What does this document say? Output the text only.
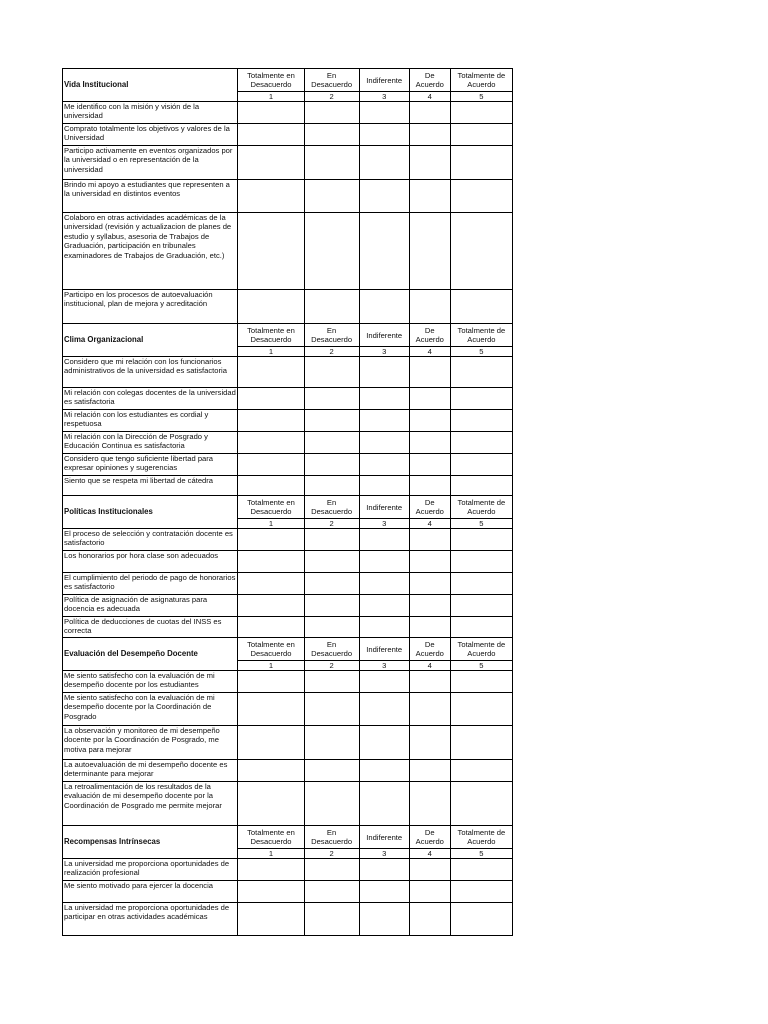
Vida Institucional	Totalmente en Desacuerdo	En Desacuerdo	Indiferente	De Acuerdo	Totalmente de Acuerdo
	1	2	3	4	5
Me identifico con la misión y visión de la universidad					
Comprato totalmente los objetivos y valores de la Universidad					
Participo activamente en eventos organizados por la universidad o en representación de la universidad					
Brindo mi apoyo a estudiantes que representen a la universidad en distintos eventos					
Colaboro en otras actividades académicas de la universidad (revisión y actualizacion de planes de estudio y syllabus, asesoria de Trabajos de Graduación, participación en tribunales examinadores de Trabajos de Graduación, etc.)					
Participo en los procesos de autoevaluación institucional, plan de mejora y acreditación					
Clima Organizacional	Totalmente en Desacuerdo	En Desacuerdo	Indiferente	De Acuerdo	Totalmente de Acuerdo
	1	2	3	4	5
Considero que mi relación con los funcionarios administrativos de la universidad es satisfactoria					
Mi relación con colegas docentes de la universidad es satisfactoria					
Mi relación con los estudiantes es cordial y respetuosa					
Mi relación con la Dirección de Posgrado y Educación Continua es satisfactoria					
Considero que tengo suficiente libertad para expresar opiniones y sugerencias					
Siento que se respeta mi libertad de cátedra					
Políticas Institucionales	Totalmente en Desacuerdo	En Desacuerdo	Indiferente	De Acuerdo	Totalmente de Acuerdo
	1	2	3	4	5
El proceso de selección y contratación docente es satisfactorio					
Los honorarios por hora clase son adecuados					
El cumplimiento del periodo de pago de honorarios es satisfactorio					
Política de asignación de asignaturas para docencia es adecuada					
Política de deducciones de cuotas del INSS es correcta					
Evaluación del Desempeño Docente	Totalmente en Desacuerdo	En Desacuerdo	Indiferente	De Acuerdo	Totalmente de Acuerdo
	1	2	3	4	5
Me siento satisfecho con la evaluación de mi desempeño docente por los estudiantes					
Me siento satisfecho con la evaluación de mi desempeño docente por la Coordinación de Posgrado					
La observación y monitoreo de mi desempeño docente por la Coordinación de Posgrado, me motiva para mejorar					
La autoevaluación de mi desempeño docente es determinante para mejorar					
La retroalimentación de los resultados de la evaluación de mi desempeño docente por la Coordinación de Posgrado me permite mejorar					
Recompensas Intrínsecas	Totalmente en Desacuerdo	En Desacuerdo	Indiferente	De Acuerdo	Totalmente de Acuerdo
	1	2	3	4	5
La universidad me proporciona oportunidades de realización profesional					
Me siento motivado para ejercer la docencia					
La universidad me proporciona oportunidades de participar en otras actividades académicas					
